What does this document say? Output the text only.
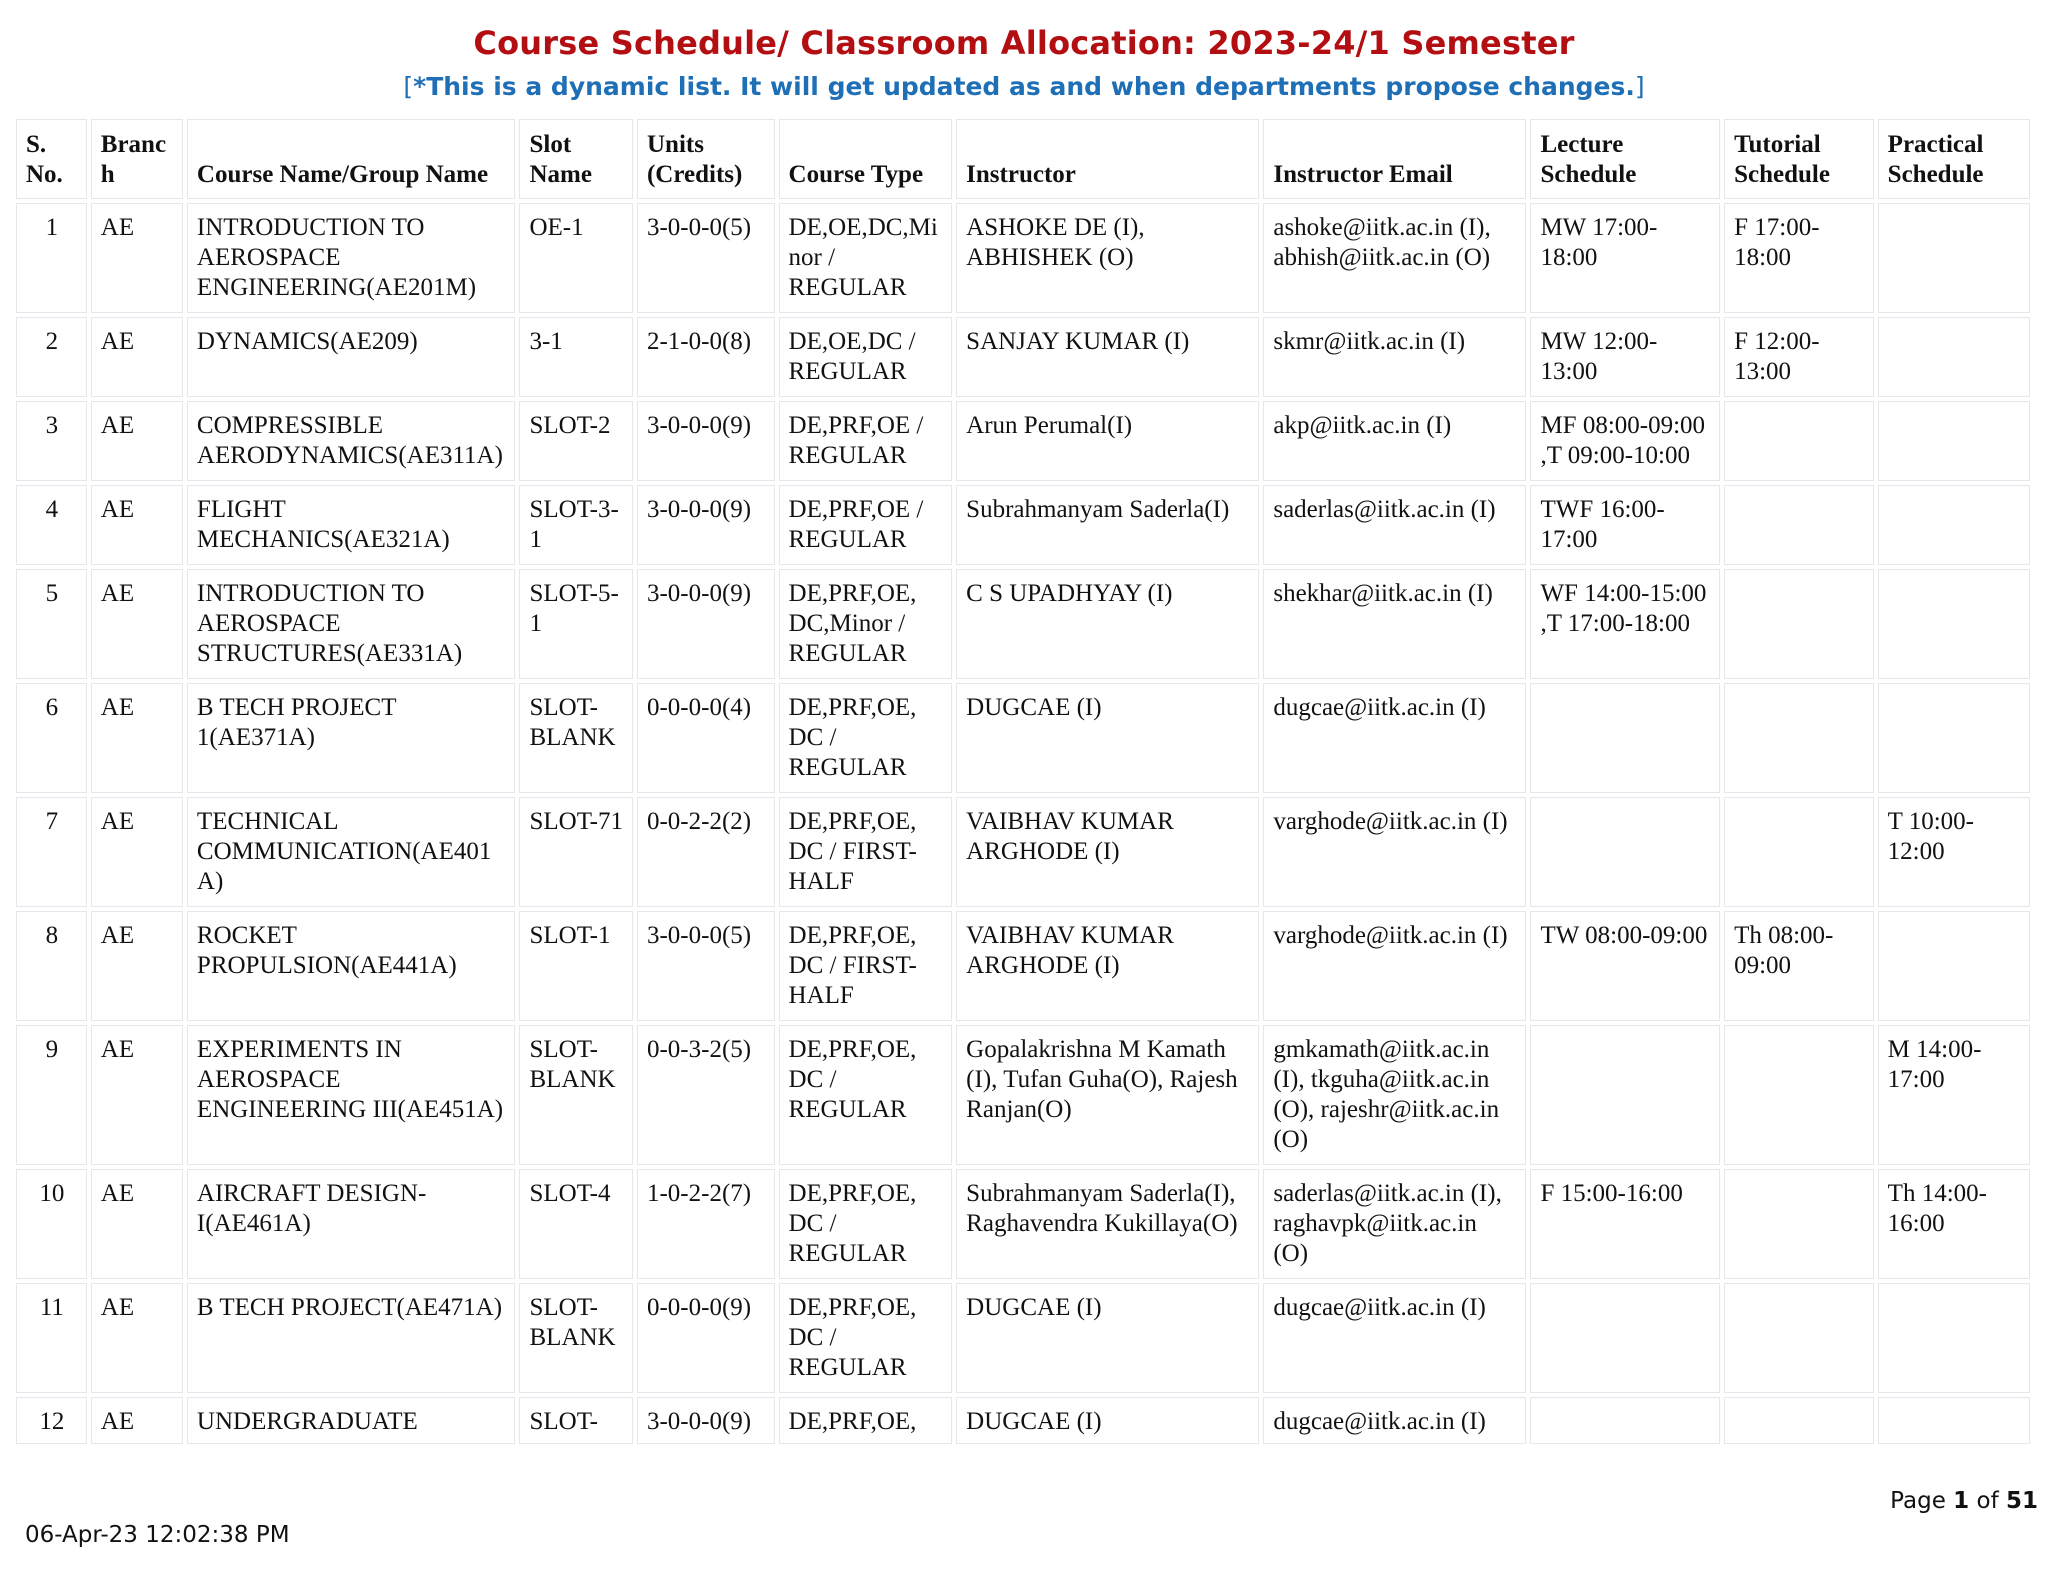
Course Schedule/ Classroom Allocation: 2023-24/1 Semester
[*This is a dynamic list. It will get updated as and when departments propose changes.]
S. No.	Branch	Course Name/Group Name	Slot Name	Units (Credits)	Course Type	Instructor	Instructor Email	Lecture Schedule	Tutorial Schedule	Practical Schedule
1	AE	INTRODUCTION TO AEROSPACE ENGINEERING(AE201M)	OE-1	3-0-0-0(5)	DE,OE,DC,Minor / REGULAR	ASHOKE DE (I), ABHISHEK (O)	ashoke@iitk.ac.in (I), abhish@iitk.ac.in (O)	MW 17:00-18:00	F 17:00-18:00	
2	AE	DYNAMICS(AE209)	3-1	2-1-0-0(8)	DE,OE,DC / REGULAR	SANJAY KUMAR (I)	skmr@iitk.ac.in (I)	MW 12:00-13:00	F 12:00-13:00	
3	AE	COMPRESSIBLE AERODYNAMICS(AE311A)	SLOT-2	3-0-0-0(9)	DE,PRF,OE / REGULAR	Arun Perumal(I)	akp@iitk.ac.in (I)	MF 08:00-09:00 ,T 09:00-10:00		
4	AE	FLIGHT MECHANICS(AE321A)	SLOT-3-1	3-0-0-0(9)	DE,PRF,OE / REGULAR	Subrahmanyam Saderla(I)	saderlas@iitk.ac.in (I)	TWF 16:00-17:00		
5	AE	INTRODUCTION TO AEROSPACE STRUCTURES(AE331A)	SLOT-5-1	3-0-0-0(9)	DE,PRF,OE, DC,Minor / REGULAR	C S UPADHYAY (I)	shekhar@iitk.ac.in (I)	WF 14:00-15:00 ,T 17:00-18:00		
6	AE	B TECH PROJECT 1(AE371A)	SLOT-BLANK	0-0-0-0(4)	DE,PRF,OE, DC / REGULAR	DUGCAE (I)	dugcae@iitk.ac.in (I)			
7	AE	TECHNICAL COMMUNICATION(AE401A)	SLOT-71	0-0-2-2(2)	DE,PRF,OE, DC / FIRST-HALF	VAIBHAV KUMAR ARGHODE (I)	varghode@iitk.ac.in (I)			T 10:00-12:00
8	AE	ROCKET PROPULSION(AE441A)	SLOT-1	3-0-0-0(5)	DE,PRF,OE, DC / FIRST-HALF	VAIBHAV KUMAR ARGHODE (I)	varghode@iitk.ac.in (I)	TW 08:00-09:00	Th 08:00-09:00	
9	AE	EXPERIMENTS IN AEROSPACE ENGINEERING III(AE451A)	SLOT-BLANK	0-0-3-2(5)	DE,PRF,OE, DC / REGULAR	Gopalakrishna M Kamath (I), Tufan Guha(O), Rajesh Ranjan(O)	gmkamath@iitk.ac.in (I), tkguha@iitk.ac.in (O), rajeshr@iitk.ac.in (O)			M 14:00-17:00
10	AE	AIRCRAFT DESIGN-I(AE461A)	SLOT-4	1-0-2-2(7)	DE,PRF,OE, DC / REGULAR	Subrahmanyam Saderla(I), Raghavendra Kukillaya(O)	saderlas@iitk.ac.in (I), raghavpk@iitk.ac.in (O)	F 15:00-16:00		Th 14:00-16:00
11	AE	B TECH PROJECT(AE471A)	SLOT-BLANK	0-0-0-0(9)	DE,PRF,OE, DC / REGULAR	DUGCAE (I)	dugcae@iitk.ac.in (I)			
12	AE	UNDERGRADUATE	SLOT-	3-0-0-0(9)	DE,PRF,OE,	DUGCAE (I)	dugcae@iitk.ac.in (I)			
Page 1 of 51
06-Apr-23 12:02:38 PM
